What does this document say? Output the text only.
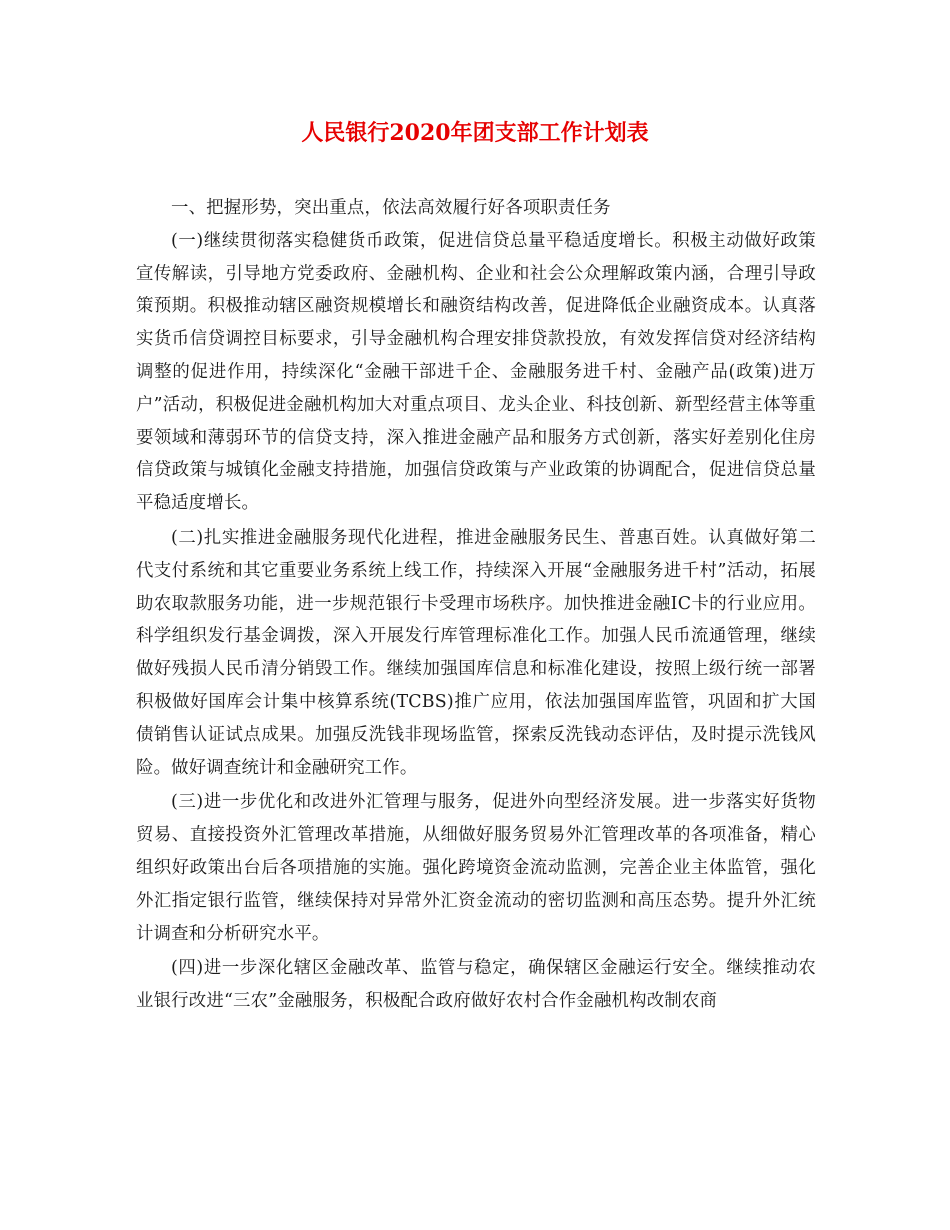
人民银行2020年团支部工作计划表

一、把握形势，突出重点，依法高效履行好各项职责任务

(一)继续贯彻落实稳健货币政策，促进信贷总量平稳适度增长。积极主动做好政策宣传解读，引导地方党委政府、金融机构、企业和社会公众理解政策内涵，合理引导政策预期。积极推动辖区融资规模增长和融资结构改善，促进降低企业融资成本。认真落实货币信贷调控目标要求，引导金融机构合理安排贷款投放，有效发挥信贷对经济结构调整的促进作用，持续深化“金融干部进千企、金融服务进千村、金融产品(政策)进万户”活动，积极促进金融机构加大对重点项目、龙头企业、科技创新、新型经营主体等重要领域和薄弱环节的信贷支持，深入推进金融产品和服务方式创新，落实好差别化住房信贷政策与城镇化金融支持措施，加强信贷政策与产业政策的协调配合，促进信贷总量平稳适度增长。

(二)扎实推进金融服务现代化进程，推进金融服务民生、普惠百姓。认真做好第二代支付系统和其它重要业务系统上线工作，持续深入开展“金融服务进千村”活动，拓展助农取款服务功能，进一步规范银行卡受理市场秩序。加快推进金融IC卡的行业应用。科学组织发行基金调拨，深入开展发行库管理标准化工作。加强人民币流通管理，继续做好残损人民币清分销毁工作。继续加强国库信息和标准化建设，按照上级行统一部署积极做好国库会计集中核算系统(TCBS)推广应用，依法加强国库监管，巩固和扩大国债销售认证试点成果。加强反洗钱非现场监管，探索反洗钱动态评估，及时提示洗钱风险。做好调查统计和金融研究工作。

(三)进一步优化和改进外汇管理与服务，促进外向型经济发展。进一步落实好货物贸易、直接投资外汇管理改革措施，从细做好服务贸易外汇管理改革的各项准备，精心组织好政策出台后各项措施的实施。强化跨境资金流动监测，完善企业主体监管，强化外汇指定银行监管，继续保持对异常外汇资金流动的密切监测和高压态势。提升外汇统计调查和分析研究水平。

(四)进一步深化辖区金融改革、监管与稳定，确保辖区金融运行安全。继续推动农业银行改进“三农”金融服务，积极配合政府做好农村合作金融机构改制农商
